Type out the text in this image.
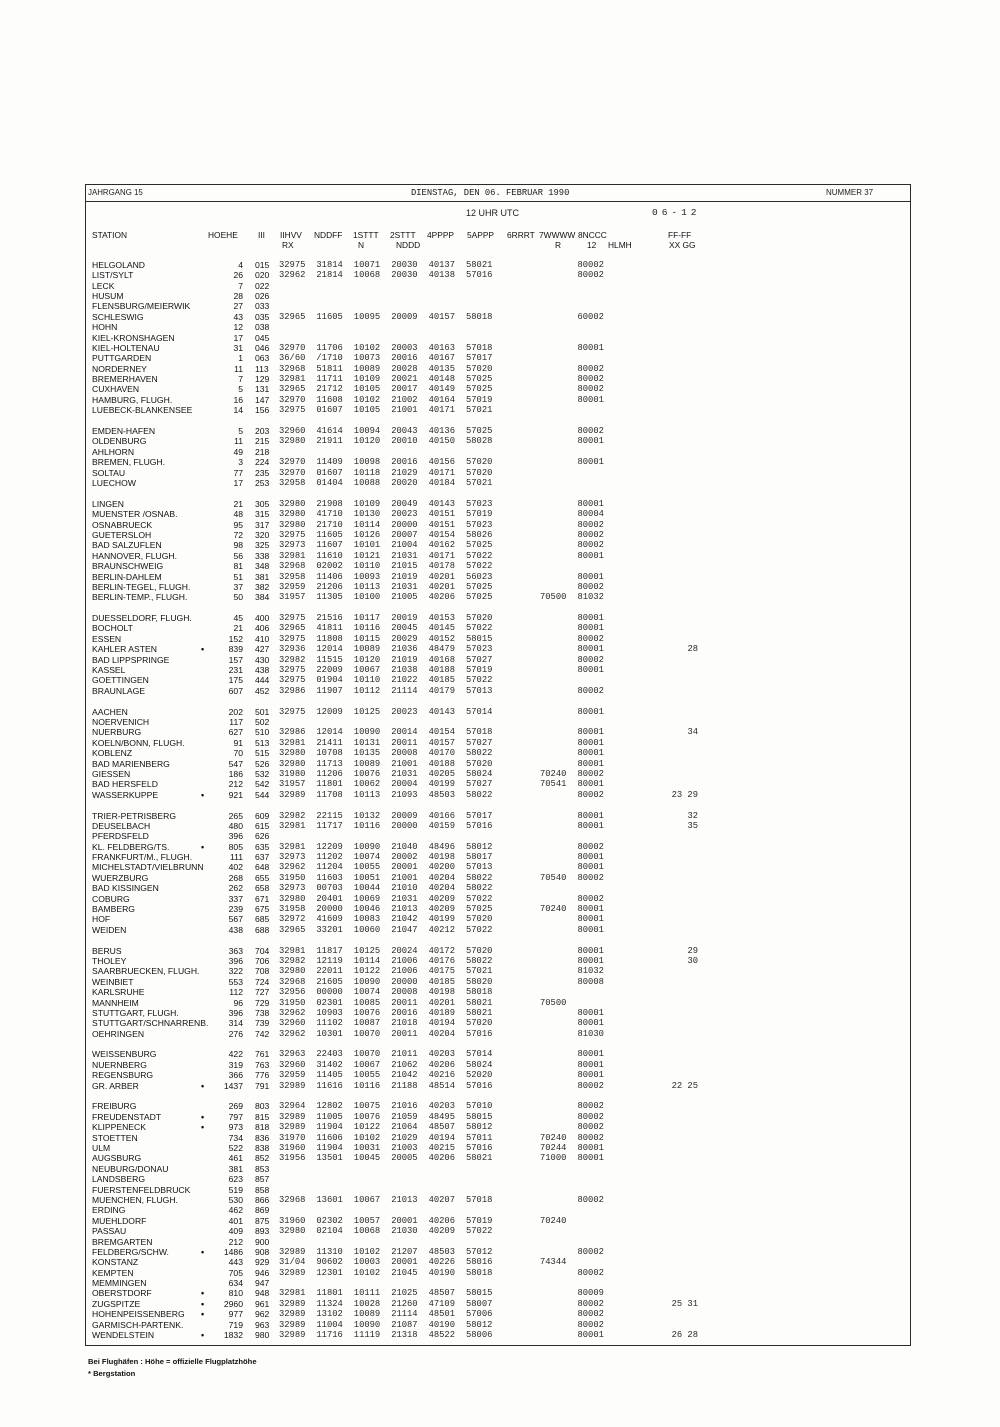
JAHRGANG 15	DIENSTAG, DEN 06. FEBRUAR 1990	NUMMER 37
12 UHR UTC	06-12
STATION	HOEHE III IIHVV NDDFF 1STTT 2STTT 4PPPP 5APPP 6RRRT 7WWWW 8NCCC	FF-FF
RX	N	NDDD	R	12 HLMH	XX GG
HELGOLAND	4 015 32975 31814 10071 20030 40137 58021	80002
LIST/SYLT	26 020 32962 21814 10068 20030 40138 57016	80002
LECK	7 022
HUSUM	28 026
FLENSBURG/MEIERWIK	27 033
SCHLESWIG	43 035 32965 11605 10095 20009 40157 58018	60002
HOHN	12 038
KIEL-KRONSHAGEN	17 045
KIEL-HOLTENAU	31 046 32970 11706 10102 20003 40163 57018	80001
PUTTGARDEN	1 063 36/60 /1710 10073 20016 40167 57017
NORDERNEY	11 113 32968 51811 10089 20028 40135 57020	80002
BREMERHAVEN	7 129 32981 11711 10109 20021 40148 57025	80002
CUXHAVEN	5 131 32965 21712 10105 20017 40149 57025	80002
HAMBURG, FLUGH.	16 147 32970 11608 10102 21002 40164 57019	80001
LUEBECK-BLANKENSEE	14 156 32975 01607 10105 21001 40171 57021
EMDEN-HAFEN	5 203 32960 41614 10094 20043 40136 57025	80002
OLDENBURG	11 215 32980 21911 10120 20010 40150 58028	80001
AHLHORN	49 218
BREMEN, FLUGH.	3 224 32970 11409 10098 20016 40156 57020	80001
SOLTAU	77 235 32970 01607 10118 21029 40171 57020
LUECHOW	17 253 32958 01404 10088 20020 40184 57021
LINGEN	21 305 32980 21908 10109 20049 40143 57023	80001
MUENSTER /OSNAB.	48 315 32980 41710 10130 20023 40151 57019	80004
OSNABRUECK	95 317 32980 21710 10114 20000 40151 57023	80002
GUETERSLOH	72 320 32975 11605 10126 20007 40154 58026	80002
BAD SALZUFLEN	98 325 32973 11607 10101 21004 40162 57025	80002
HANNOVER, FLUGH.	56 338 32981 11610 10121 21031 40171 57022	80001
BRAUNSCHWEIG	81 348 32968 02002 10110 21015 40178 57022
BERLIN-DAHLEM	51 381 32958 11406 10093 21019 40201 56023	80001
BERLIN-TEGEL, FLUGH.	37 382 32959 21206 10113 21031 40201 57025	80002
BERLIN-TEMP., FLUGH.	50 384 31957 11305 10100 21005 40206 57025	70500 81032
DUESSELDORF, FLUGH.	45 400 32975 21516 10117 20019 40153 57020	80001
BOCHOLT	21 406 32965 41811 10116 20045 40145 57022	80001
ESSEN	152 410 32975 11808 10115 20029 40152 58015	80002
KAHLER ASTEN	•	839 427 32936 12014 10089 21036 48479 57023	80001	28
BAD LIPPSPRINGE	157 430 32982 11515 10120 21019 40168 57027	80002
KASSEL	231 438 32975 22009 10067 21038 40188 57019	80001
GOETTINGEN	175 444 32975 01904 10110 21022 40185 57022
BRAUNLAGE	607 452 32986 11907 10112 21114 40179 57013	80002
AACHEN	202 501 32975 12009 10125 20023 40143 57014	80001
NOERVENICH	117 502
NUERBURG	627 510 32986 12014 10090 20014 40154 57018	80001	34
KOELN/BONN, FLUGH.	91 513 32981 21411 10131 20011 40157 57027	80001
KOBLENZ	70 515 32980 10708 10135 20008 40170 58022	80001
BAD MARIENBERG	547 526 32980 11713 10089 21001 40188 57020	80001
GIESSEN	186 532 31980 11206 10076 21031 40205 58024	70240 80002
BAD HERSFELD	212 542 31957 11801 10062 20004 40199 57027	70541 80001
WASSERKUPPE	•	921 544 32989 11708 10113 21093 48503 58022	80002	23 29
TRIER-PETRISBERG	265 609 32982 22115 10132 20009 40166 57017	80001	32
DEUSELBACH	480 615 32981 11717 10116 20000 40159 57016	80001	35
PFERDSFELD	396 626
KL. FELDBERG/TS.	•	805 635 32981 12209 10090 21040 48496 58012	80002
FRANKFURT/M., FLUGH.	111 637 32973 11202 10074 20002 40198 58017	80001
MICHELSTADT/VIELBRUNN	402 648 32962 11204 10055 20001 40200 57013	80001
WUERZBURG	268 655 31950 11603 10051 21001 40204 58022	70540 80002
BAD KISSINGEN	262 658 32973 00703 10044 21010 40204 58022
COBURG	337 671 32980 20401 10069 21031 40209 57022	80002
BAMBERG	239 675 31958 20000 10046 21013 40209 57025	70240 80001
HOF	567 685 32972 41609 10083 21042 40199 57020	80001
WEIDEN	438 688 32965 33201 10060 21047 40212 57022	80001
BERUS	363 704 32981 11817 10125 20024 40172 57020	80001	29
THOLEY	396 706 32982 12119 10114 21006 40176 58022	80001	30
SAARBRUECKEN, FLUGH.	322 708 32980 22011 10122 21006 40175 57021	81032
WEINBIET	553 724 32968 21605 10090 20000 40185 58020	80008
KARLSRUHE	112 727 32956 00000 10074 20008 40198 58018
MANNHEIM	96 729 31950 02301 10085 20011 40201 58021	70500
STUTTGART, FLUGH.	396 738 32962 10903 10076 20016 40189 58021	80001
STUTTGART/SCHNARRENB.	314 739 32960 11102 10087 21018 40194 57020	80001
OEHRINGEN	276 742 32962 10301 10070 20011 40204 57016	81030
WEISSENBURG	422 761 32963 22403 10070 21011 40203 57014	80001
NUERNBERG	319 763 32960 31402 10067 21062 40206 58024	80001
REGENSBURG	366 776 32959 11405 10055 21042 40216 52020	80001
GR. ARBER	•	1437 791 32989 11616 10116 21188 48514 57016	80002	22 25
FREIBURG	269 803 32964 12802 10075 21016 40203 57010	80002
FREUDENSTADT	•	797 815 32989 11005 10076 21059 48495 58015	80002
KLIPPENECK	•	973 818 32989 11904 10122 21064 48507 58012	80002
STOETTEN	734 836 31970 11606 10102 21029 40194 57011	70240 80002
ULM	522 838 31960 11904 10031 21003 40215 57016	70244 80001
AUGSBURG	461 852 31956 13501 10045 20005 40206 58021	71000 80001
NEUBURG/DONAU	381 853
LANDSBERG	623 857
FUERSTENFELDBRUCK	519 858
MUENCHEN, FLUGH.	530 866 32968 13601 10067 21013 40207 57018	80002
ERDING	462 869
MUEHLDORF	401 875 31960 02302 10057 20001 40206 57019	70240
PASSAU	409 893 32980 02104 10068 21030 40209 57022
BREMGARTEN	212 900
FELDBERG/SCHW.	•	1486 908 32989 11310 10102 21207 48503 57012	80002
KONSTANZ	443 929 31/04 90602 10003 20001 40226 58016	74344
KEMPTEN	705 946 32989 12301 10102 21045 40190 58018	80002
MEMMINGEN	634 947
OBERSTDORF	•	810 948 32981 11801 10111 21025 48507 58015	80009
ZUGSPITZE	•	2960 961 32989 11324 10028 21260 47109 58007	80002	25 31
HOHENPEISSENBERG •	977 962 32989 13102 10089 21114 48501 57006	80002
GARMISCH-PARTENK.	719 963 32989 11004 10090 21087 40190 58012	80002
WENDELSTEIN	•	1832 980 32989 11716 11119 21318 48522 58006	80001	26 28
Bei Flughäfen : Höhe = offizielle Flugplatzhöhe
* Bergstation
